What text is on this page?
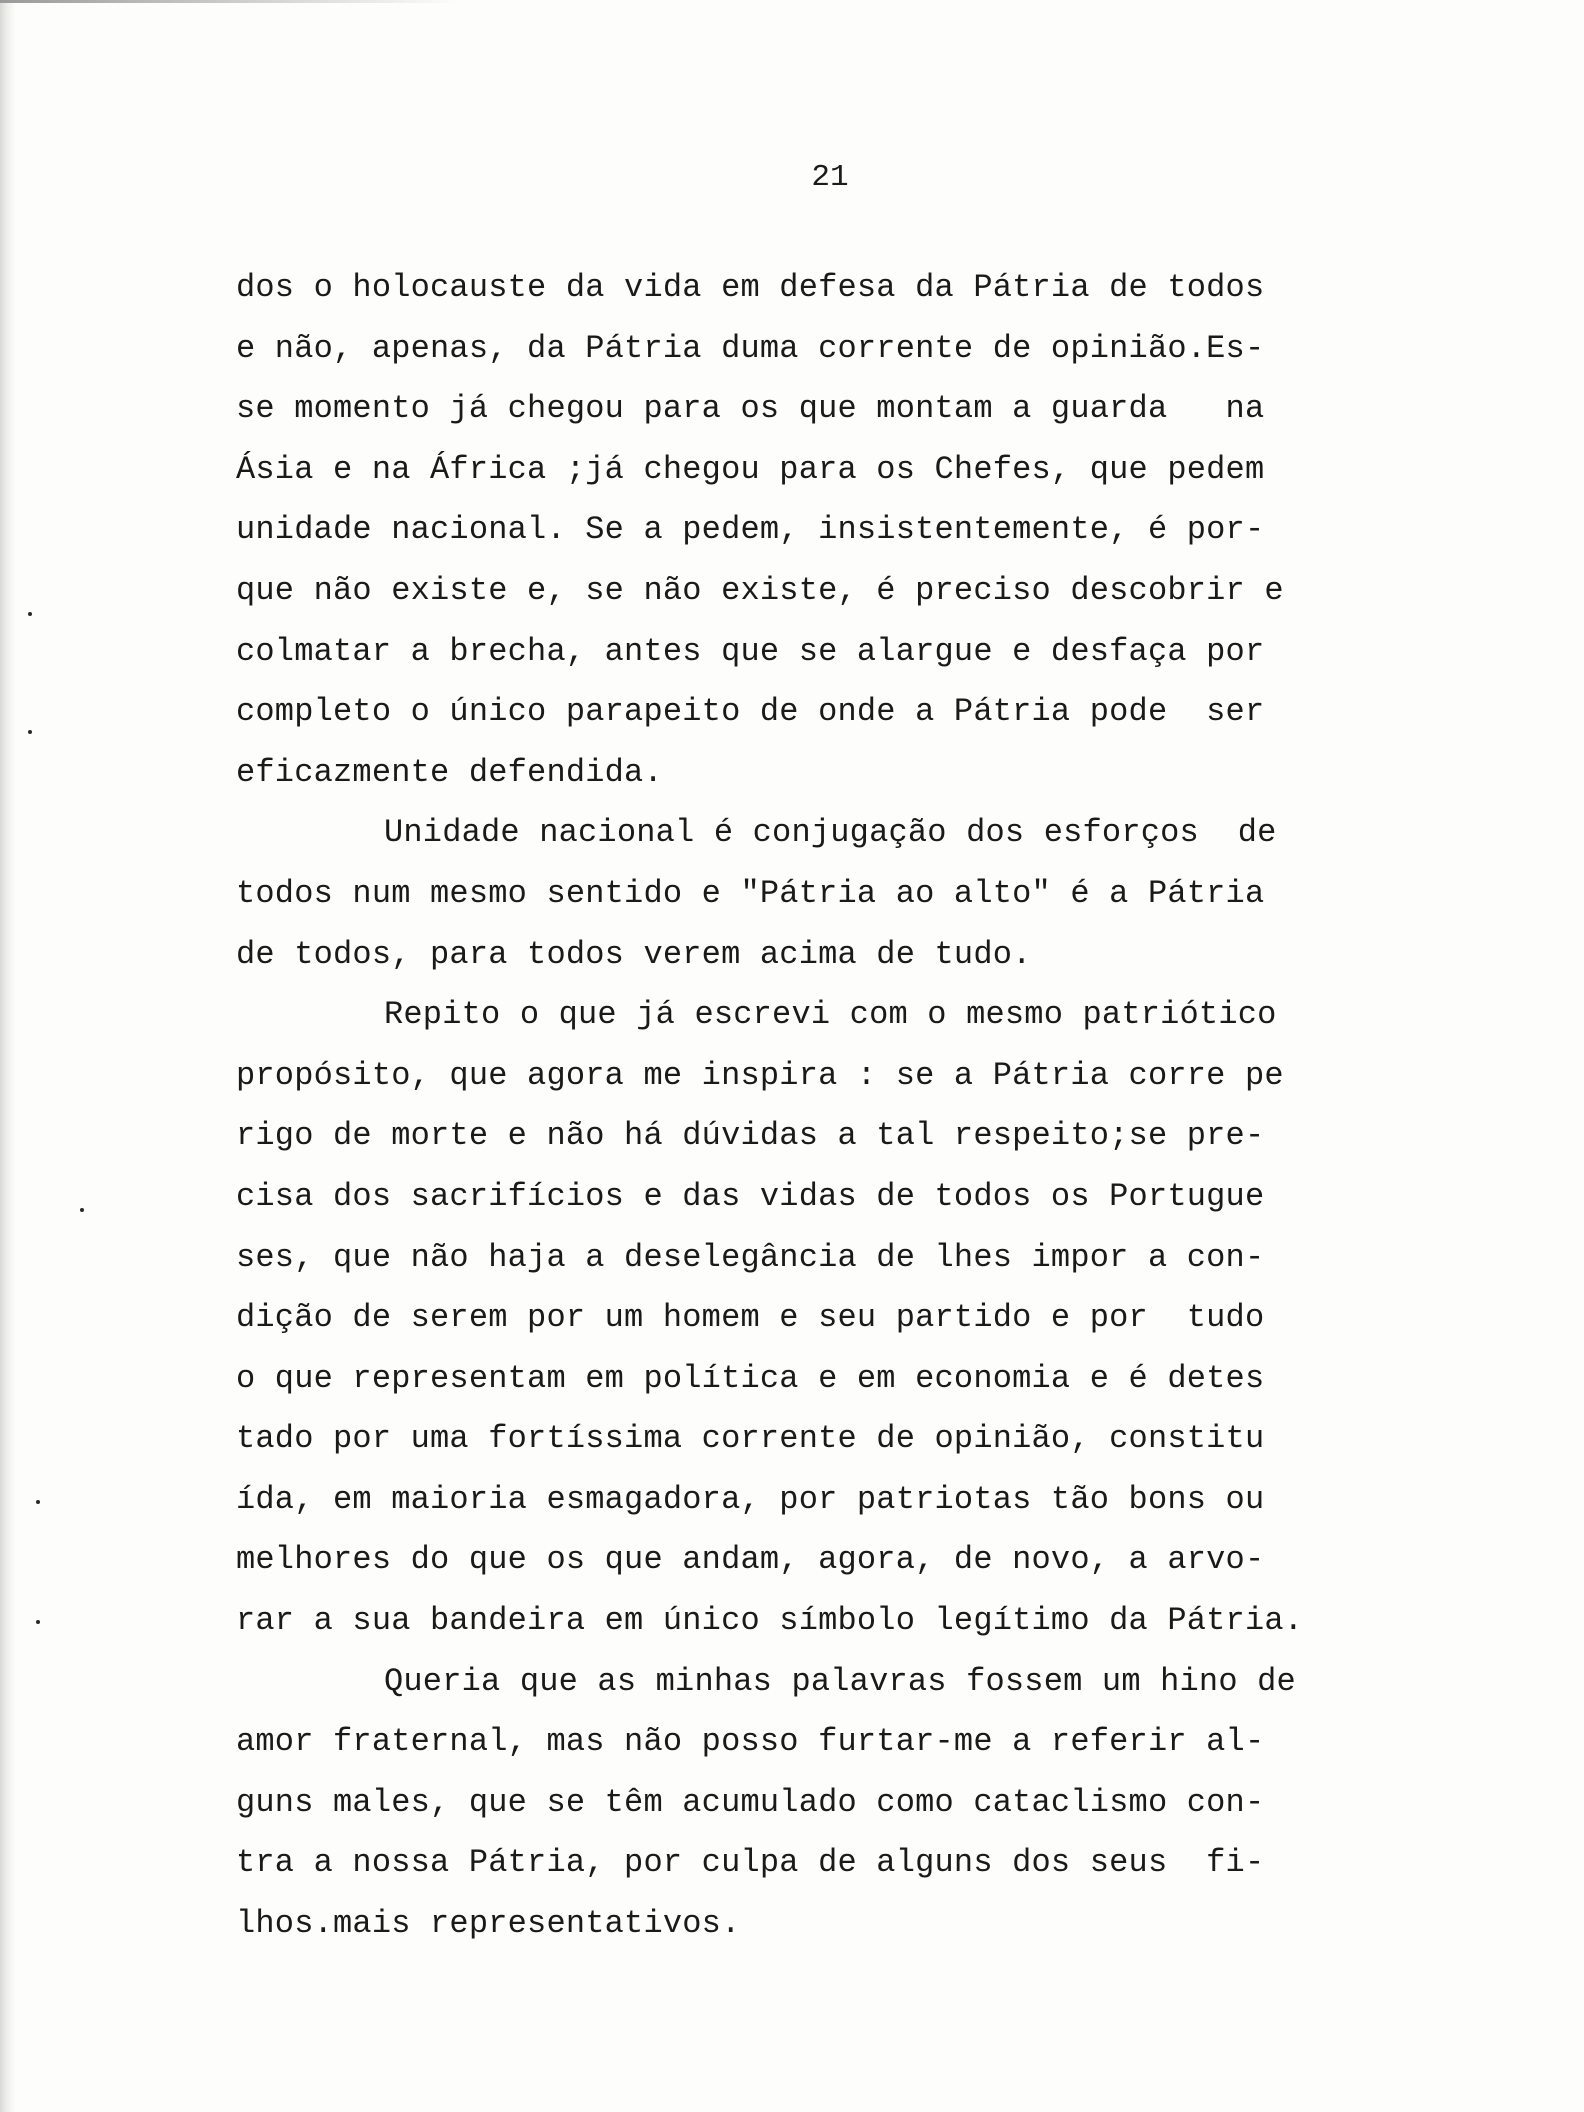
21
dos o holocauste da vida em defesa da Pátria de todos
e não, apenas, da Pátria duma corrente de opinião.Es-
se momento já chegou para os que montam a guarda   na
Ásia e na África ;já chegou para os Chefes, que pedem
unidade nacional. Se a pedem, insistentemente, é por-
que não existe e, se não existe, é preciso descobrir e
colmatar a brecha, antes que se alargue e desfaça por
completo o único parapeito de onde a Pátria pode  ser
eficazmente defendida.
Unidade nacional é conjugação dos esforços  de
todos num mesmo sentido e "Pátria ao alto" é a Pátria
de todos, para todos verem acima de tudo.
Repito o que já escrevi com o mesmo patriótico
propósito, que agora me inspira : se a Pátria corre pe
rigo de morte e não há dúvidas a tal respeito;se pre-
cisa dos sacrifícios e das vidas de todos os Portugue
ses, que não haja a deselegância de lhes impor a con-
dição de serem por um homem e seu partido e por  tudo
o que representam em política e em economia e é detes
tado por uma fortíssima corrente de opinião, constitu
ída, em maioria esmagadora, por patriotas tão bons ou
melhores do que os que andam, agora, de novo, a arvo-
rar a sua bandeira em único símbolo legítimo da Pátria.
Queria que as minhas palavras fossem um hino de
amor fraternal, mas não posso furtar-me a referir al-
guns males, que se têm acumulado como cataclismo con-
tra a nossa Pátria, por culpa de alguns dos seus  fi-
lhos.mais representativos.
